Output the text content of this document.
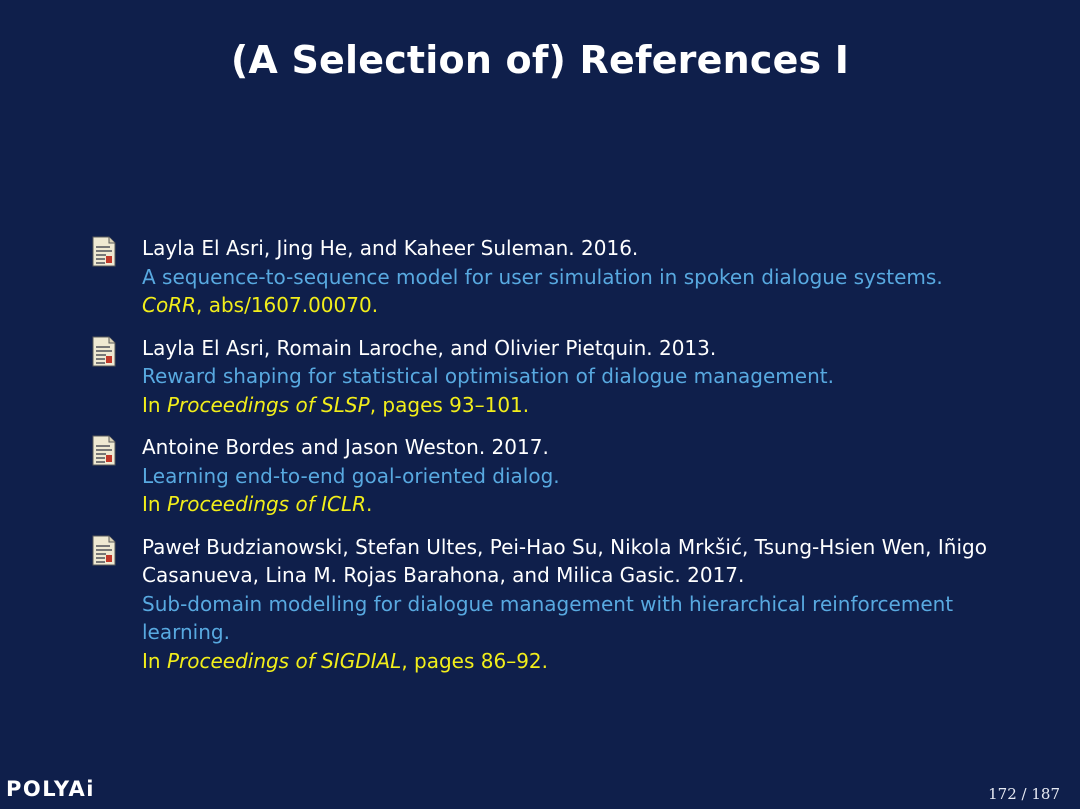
(A Selection of) References I
Layla El Asri, Jing He, and Kaheer Suleman. 2016.
A sequence-to-sequence model for user simulation in spoken dialogue systems.
CoRR, abs/1607.00070.
Layla El Asri, Romain Laroche, and Olivier Pietquin. 2013.
Reward shaping for statistical optimisation of dialogue management.
In Proceedings of SLSP, pages 93–101.
Antoine Bordes and Jason Weston. 2017.
Learning end-to-end goal-oriented dialog.
In Proceedings of ICLR.
Paweł Budzianowski, Stefan Ultes, Pei-Hao Su, Nikola Mrkšić, Tsung-Hsien Wen, Iñigo Casanueva, Lina M. Rojas Barahona, and Milica Gasic. 2017.
Sub-domain modelling for dialogue management with hierarchical reinforcement learning.
In Proceedings of SIGDIAL, pages 86–92.
POLYAi	172 / 187
